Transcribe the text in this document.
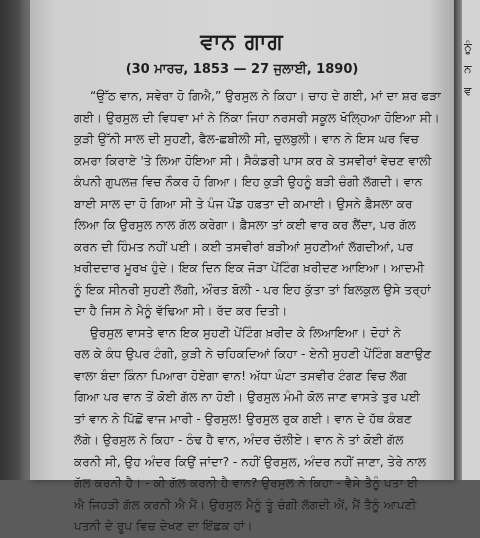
ਵਾਨ ਗਾਗ
(30 ਮਾਰਚ, 1853 — 27 ਜੁਲਾਈ, 1890)
“ਉੱਠ ਵਾਨ, ਸਵੇਰਾ ਹੋ ਗਿਐ,” ਉਰਸੁਲ ਨੇ ਕਿਹਾ। ਚਾਹ ਦੇ ਗਈ, ਮਾਂ ਦਾ ਸ਼ਰ ਫੜਾ
ਗਈ। ਉਰਸੁਲ ਦੀ ਵਿਧਵਾ ਮਾਂ ਨੇ ਨਿੱਕਾ ਜਿਹਾ ਨਰਸਰੀ ਸਕੂਲ ਖੋਲ੍ਹਿਆ ਹੋਇਆ ਸੀ।
ਕੁੜੀ ਉੱਨੀ ਸਾਲ ਦੀ ਸੁਹਣੀ, ਫੈਲ-ਛਬੀਲੀ ਸੀ, ਚੁਲਬੁਲੀ। ਵਾਨ ਨੇ ਇਸ ਘਰ ਵਿਚ
ਕਮਰਾ ਕਿਰਾਏ 'ਤੇ ਲਿਆ ਹੋਇਆ ਸੀ। ਸੈਕੰਡਰੀ ਪਾਸ ਕਰ ਕੇ ਤਸਵੀਰਾਂ ਵੇਚਣ ਵਾਲੀ
ਕੰਪਨੀ ਗੁਪਲਜ਼ ਵਿਚ ਨੌਕਰ ਹੋ ਗਿਆ। ਇਹ ਕੁੜੀ ਉਹਨੂੰ ਬੜੀ ਚੰਗੀ ਲੱਗਦੀ। ਵਾਨ
ਬਾਈ ਸਾਲ ਦਾ ਹੋ ਗਿਆ ਸੀ ਤੇ ਪੰਜ ਪੌਂਡ ਹਫ਼ਤਾ ਦੀ ਕਮਾਈ। ਉਸਨੇ ਫ਼ੈਸਲਾ ਕਰ
ਲਿਆ ਕਿ ਉਰਸੁਲ ਨਾਲ ਗੱਲ ਕਰੇਗਾ। ਫ਼ੈਸਲਾ ਤਾਂ ਕਈ ਵਾਰ ਕਰ ਲੈਂਦਾ, ਪਰ ਗੱਲ
ਕਰਨ ਦੀ ਹਿੰਮਤ ਨਹੀਂ ਪਈ। ਕਈ ਤਸਵੀਰਾਂ ਬੜੀਆਂ ਸੁਹਣੀਆਂ ਲੱਗਦੀਆਂ, ਪਰ
ਖ਼ਰੀਦਦਾਰ ਮੂਰਖ ਹੁੰਦੇ। ਇਕ ਦਿਨ ਇਕ ਜੋੜਾ ਪੇਂਟਿੰਗ ਖ਼ਰੀਦਣ ਆਇਆ। ਆਦਮੀ
ਨੂੰ ਇਕ ਸੀਨਰੀ ਸੁਹਣੀ ਲੱਗੀ, ਔਰਤ ਬੋਲੀ - ਪਰ ਇਹ ਕੁੱਤਾ ਤਾਂ ਬਿਲਕੁਲ ਉਸੇ ਤਰ੍ਹਾਂ
ਦਾ ਹੈ ਜਿਸ ਨੇ ਮੈਨੂੰ ਵੱਢਿਆ ਸੀ। ਰੱਦ ਕਰ ਦਿਤੀ।
ਉਰਸੁਲ ਵਾਸਤੇ ਵਾਨ ਇਕ ਸੁਹਣੀ ਪੇਂਟਿੰਗ ਖ਼ਰੀਦ ਕੇ ਲਿਆਇਆ। ਦੋਹਾਂ ਨੇ
ਰਲ ਕੇ ਕੰਧ ਉਪਰ ਟੰਗੀ, ਕੁੜੀ ਨੇ ਚਹਿਕਦਿਆਂ ਕਿਹਾ - ਏਨੀ ਸੁਹਣੀ ਪੇਂਟਿੰਗ ਬਣਾਉਣ
ਵਾਲਾ ਬੰਦਾ ਕਿੰਨਾ ਪਿਆਰਾ ਹੋਏਗਾ ਵਾਨ! ਅੱਧਾ ਘੰਟਾ ਤਸਵੀਰ ਟੰਗਣ ਵਿਚ ਲੱਗ
ਗਿਆ ਪਰ ਵਾਨ ਤੋਂ ਕੋਈ ਗੱਲ ਨਾ ਹੋਈ। ਉਰਸੁਲ ਮੰਮੀ ਕੋਲ ਜਾਣ ਵਾਸਤੇ ਤੁਰ ਪਈ
ਤਾਂ ਵਾਨ ਨੇ ਪਿੱਛੋਂ ਵਾਜ ਮਾਰੀ - ਉਰਸੁਲ! ਉਰਸੁਲ ਰੁਕ ਗਈ। ਵਾਨ ਦੇ ਹੱਥ ਕੰਬਣ
ਲੱਗੇ। ਉਰਸੁਲ ਨੇ ਕਿਹਾ - ਠੰਢ ਹੈ ਵਾਨ, ਅੰਦਰ ਚੱਲੀਏ। ਵਾਨ ਨੇ ਤਾਂ ਕੋਈ ਗੱਲ
ਕਰਨੀ ਸੀ, ਉਹ ਅੰਦਰ ਕਿਉਂ ਜਾਂਦਾ? - ਨਹੀਂ ਉਰਸੁਲ, ਅੰਦਰ ਨਹੀਂ ਜਾਣਾ, ਤੇਰੇ ਨਾਲ
ਗੱਲ ਕਰਨੀ ਹੈ। - ਕੀ ਗੱਲ ਕਰਨੀ ਹੈ ਵਾਨ? ਉਰਸੁਲ ਨੇ ਕਿਹਾ - ਵੈਸੇ ਤੈਨੂੰ ਪਤਾ ਈ
ਐ ਜਿਹੜੀ ਗੱਲ ਕਰਨੀ ਐ ਮੈਂ। ਉਰਸੁਲ ਮੈਨੂੰ ਤੂੰ ਚੰਗੀ ਲੱਗਦੀ ਐਂ, ਮੈਂ ਤੈਨੂੰ ਆਪਣੀ
ਪਤਨੀ ਦੇ ਰੂਪ ਵਿਚ ਦੇਖਣ ਦਾ ਇੱਛਕ ਹਾਂ।
ਨੂੰ
ਨ
ਵ
